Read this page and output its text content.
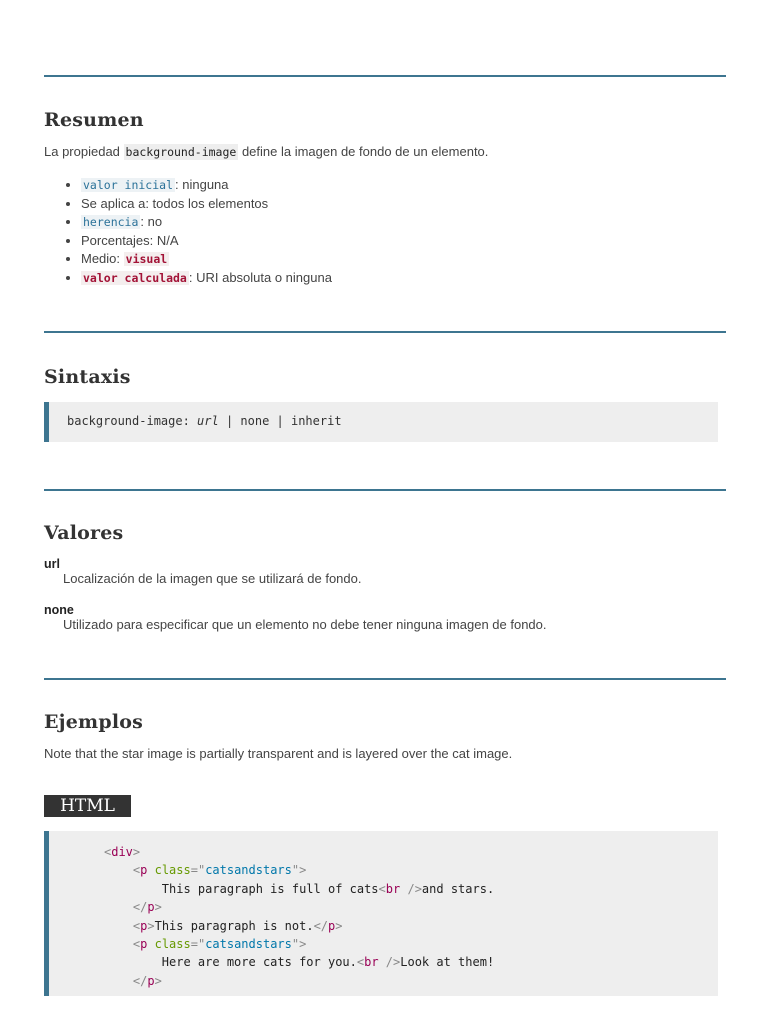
Resumen

La propiedad background-image define la imagen de fondo de un elemento.

• valor inicial : ninguna
• Se aplica a: todos los elementos
• herencia : no
• Porcentajes: N/A
• Medio: visual
• valor calculada : URI absoluta o ninguna
Sintaxis
background-image: url | none | inherit
Valores
url
Localización de la imagen que se utilizará de fondo.
none
Utilizado para especificar que un elemento no debe tener ninguna imagen de fondo.
Ejemplos

Note that the star image is partially transparent and is layered over the cat image.

HTML
<div>
<p class="catsandstars">
This paragraph is full of cats<br />and stars.
</p>
<p>This paragraph is not.</p>
<p class="catsandstars">
Here are more cats for you.<br />Look at them!
</p>
